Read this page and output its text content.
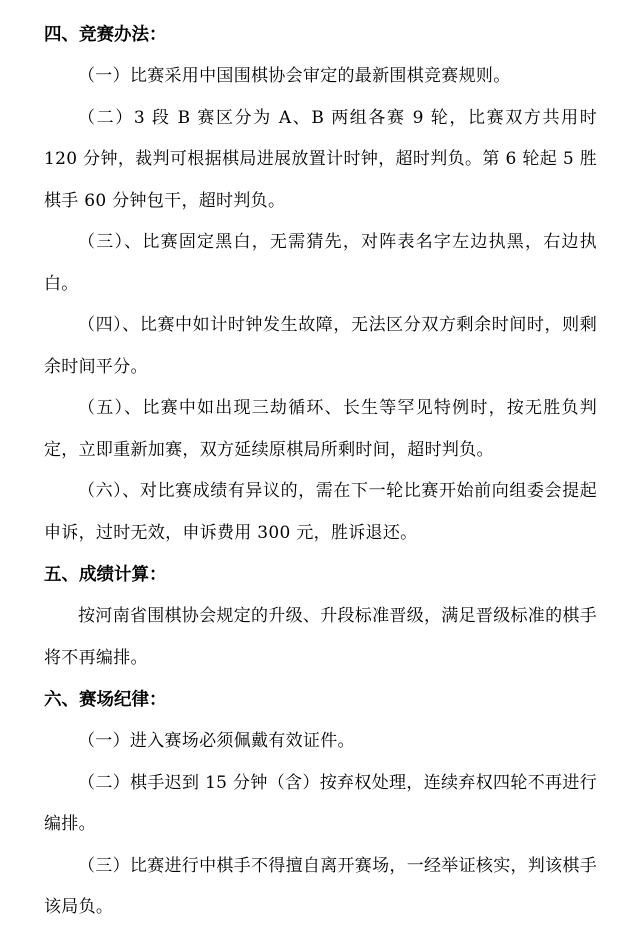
四、竞赛办法：

（一）比赛采用中国围棋协会审定的最新围棋竞赛规则。

（二）3 段 B 赛区分为 A、B 两组各赛 9 轮，比赛双方共用时 120 分钟，裁判可根据棋局进展放置计时钟，超时判负。第 6 轮起 5 胜棋手 60 分钟包干，超时判负。

（三）、比赛固定黑白，无需猜先，对阵表名字左边执黑，右边执白。

（四）、比赛中如计时钟发生故障，无法区分双方剩余时间时，则剩余时间平分。

（五）、比赛中如出现三劫循环、长生等罕见特例时，按无胜负判定，立即重新加赛，双方延续原棋局所剩时间，超时判负。

（六）、对比赛成绩有异议的，需在下一轮比赛开始前向组委会提起申诉，过时无效，申诉费用 300 元，胜诉退还。

五、成绩计算：

按河南省围棋协会规定的升级、升段标准晋级，满足晋级标准的棋手将不再编排。

六、赛场纪律：

（一）进入赛场必须佩戴有效证件。

（二）棋手迟到 15 分钟（含）按弃权处理，连续弃权四轮不再进行编排。

（三）比赛进行中棋手不得擅自离开赛场，一经举证核实，判该棋手该局负。
